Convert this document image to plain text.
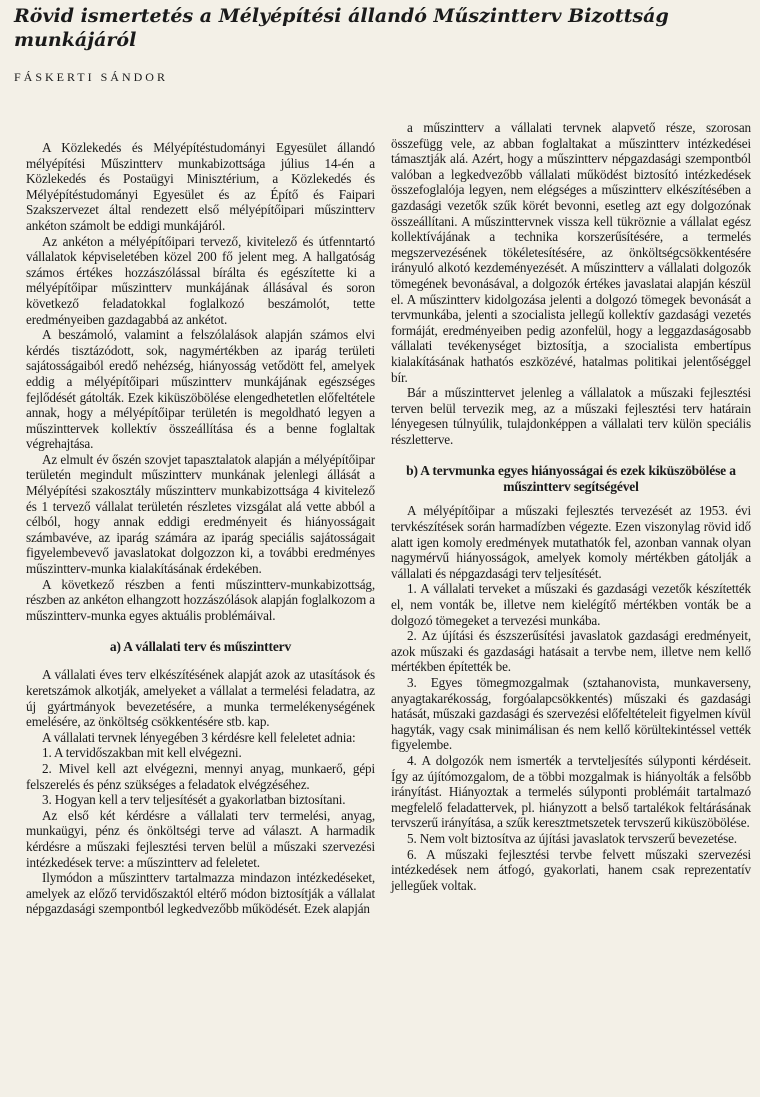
Rövid ismertetés a Mélyépítési állandó Műszintterv Bizottság munkájáról
FÁSKERTI SÁNDOR

A Közlekedés és Mélyépítéstudományi Egyesület állandó mélyépítési Műszintterv munkabizottsága július 14-én a Közlekedés és Postaügyi Minisztérium, a Közlekedés és Mélyépítéstudományi Egyesület és az Építő és Faipari Szakszervezet által rendezett első mélyépítőipari műszintterv ankéton számolt be eddigi munkájáról.

Az ankéton a mélyépítőipari tervező, kivitelező és útfenntartó vállalatok képviseletében közel 200 fő jelent meg. A hallgatóság számos értékes hozzászólással bírálta és egészítette ki a mélyépítőipar műszintterv munkájának állásával és soron következő feladatokkal foglalkozó beszámolót, tette eredményeiben gazdagabbá az ankétot.

A beszámoló, valamint a felszólalások alapján számos elvi kérdés tisztázódott, sok, nagymértékben az iparág területi sajátosságaiból eredő nehézség, hiányosság vetődött fel, amelyek eddig a mélyépítőipari műszintterv munkájának egészséges fejlődését gátolták. Ezek kiküszöbölése elengedhetetlen előfeltétele annak, hogy a mélyépítőipar területén is megoldható legyen a műszinttervek kollektív összeállítása és a benne foglaltak végrehajtása.

Az elmult év őszén szovjet tapasztalatok alapján a mélyépítőipar területén megindult műszintterv munkának jelenlegi állását a Mélyépítési szakosztály műszintterv munkabizottsága 4 kivitelező és 1 tervező vállalat területén részletes vizsgálat alá vette abból a célból, hogy annak eddigi eredményeit és hiányosságait számbavéve, az iparág számára az iparág speciális sajátosságait figyelembevevő javaslatokat dolgozzon ki, a további eredményes műszintterv-munka kialakításának érdekében.

A következő részben a fenti műszintterv-munkabizottság, részben az ankéton elhangzott hozzászólások alapján foglalkozom a műszintterv-munka egyes aktuális problémáival.

a) A vállalati terv és műszintterv

A vállalati éves terv elkészítésének alapját azok az utasítások és keretszámok alkotják, amelyeket a vállalat a termelési feladatra, az új gyártmányok bevezetésére, a munka termelékenységének emelésére, az önköltség csökkentésére stb. kap.

A vállalati tervnek lényegében 3 kérdésre kell feleletet adnia:

1. A tervidőszakban mit kell elvégezni.

2. Mivel kell azt elvégezni, mennyi anyag, munkaerő, gépi felszerelés és pénz szükséges a feladatok elvégzéséhez.

3. Hogyan kell a terv teljesítését a gyakorlatban biztosítani.

Az első két kérdésre a vállalati terv termelési, anyag, munkaügyi, pénz és önköltségi terve ad választ. A harmadik kérdésre a műszaki fejlesztési terven belül a műszaki szervezési intézkedések terve: a műszintterv ad feleletet.

Ilymódon a műszintterv tartalmazza mindazon intézkedéseket, amelyek az előző tervidőszaktól eltérő módon biztosítják a vállalat népgazdasági szempontból legkedvezőbb működését. Ezek alapján

a műszintterv a vállalati tervnek alapvető része, szorosan összefügg vele, az abban foglaltakat a műszintterv intézkedései támasztják alá. Azért, hogy a műszintterv népgazdasági szempontból valóban a legkedvezőbb vállalati működést biztosító intézkedések összefoglalója legyen, nem elégséges a műszintterv elkészítésében a gazdasági vezetők szűk körét bevonni, esetleg azt egy dolgozónak összeállítani. A műszinttervnek vissza kell tükröznie a vállalat egész kollektívájának a technika korszerűsítésére, a termelés megszervezésének tökéletesítésére, az önköltségcsökkentésére irányuló alkotó kezdeményezését. A műszintterv a vállalati dolgozók tömegének bevonásával, a dolgozók értékes javaslatai alapján készül el. A műszintterv kidolgozása jelenti a dolgozó tömegek bevonását a tervmunkába, jelenti a szocialista jellegű kollektív gazdasági vezetés formáját, eredményeiben pedig azonfelül, hogy a leggazdaságosabb vállalati tevékenységet biztosítja, a szocialista embertípus kialakításának hathatós eszközévé, hatalmas politikai jelentőséggel bír.

Bár a műszinttervet jelenleg a vállalatok a műszaki fejlesztési terven belül tervezik meg, az a műszaki fejlesztési terv határain lényegesen túlnyúlik, tulajdonképpen a vállalati terv külön speciális részletterve.

b) A tervmunka egyes hiányosságai és ezek kiküszöbölése a műszintterv segítségével

A mélyépítőipar a műszaki fejlesztés tervezését az 1953. évi tervkészítések során harmadízben végezte. Ezen viszonylag rövid idő alatt igen komoly eredmények mutathatók fel, azonban vannak olyan nagymérvű hiányosságok, amelyek komoly mértékben gátolják a vállalati és népgazdasági terv teljesítését.

1. A vállalati terveket a műszaki és gazdasági vezetők készítették el, nem vonták be, illetve nem kielégítő mértékben vonták be a dolgozó tömegeket a tervezési munkába.

2. Az újítási és észszerűsítési javaslatok gazdasági eredményeit, azok műszaki és gazdasági hatásait a tervbe nem, illetve nem kellő mértékben építették be.

3. Egyes tömegmozgalmak (sztahanovista, munkaverseny, anyagtakarékosság, forgóalapcsökkentés) műszaki és gazdasági hatását, műszaki gazdasági és szervezési előfeltételeit figyelmen kívül hagyták, vagy csak minimálisan és nem kellő körültekintéssel vették figyelembe.

4. A dolgozók nem ismerték a tervteljesítés súlyponti kérdéseit. Így az újítómozgalom, de a többi mozgalmak is hiányolták a felsőbb irányítást. Hiányoztak a termelés súlyponti problémáit tartalmazó megfelelő feladattervek, pl. hiányzott a belső tartalékok feltárásának tervszerű irányítása, a szűk keresztmetszetek tervszerű kiküszöbölése.

5. Nem volt biztosítva az újítási javaslatok tervszerű bevezetése.

6. A műszaki fejlesztési tervbe felvett műszaki szervezési intézkedések nem átfogó, gyakorlati, hanem csak reprezentatív jellegűek voltak.
